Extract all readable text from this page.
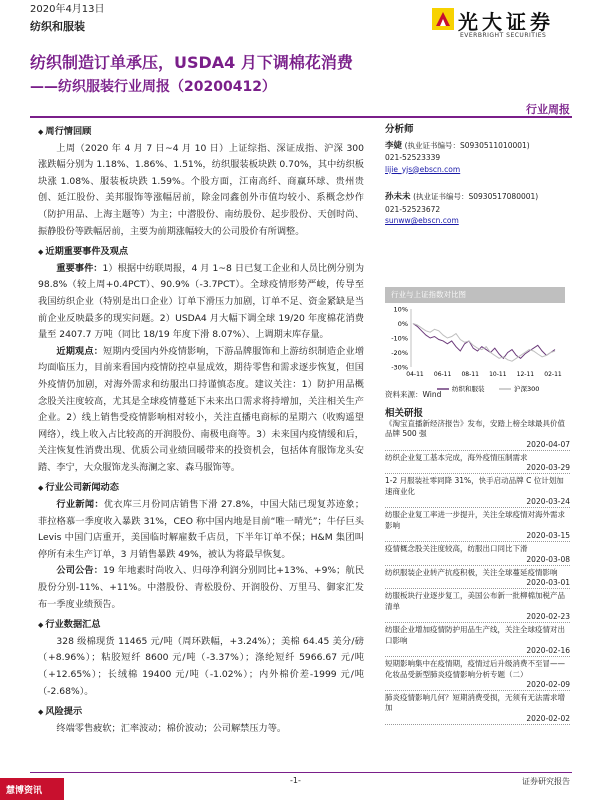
2020年4月13日
纺织和服装	光大证券
EVERBRIGHT SECURITIES
纺织制造订单承压，USDA4 月下调棉花消费
——纺织服装行业周报（20200412）
行业周报
◆ 周行情回顾
上周（2020 年 4 月 7 日~4 月 10 日）上证综指、深证成指、沪深 300 涨跌幅分别为 1.18%、1.86%、1.51%，纺织服装板块跌 0.70%，其中纺织板块涨 1.08%、服装板块跌 1.59%。个股方面，江南高纤、商赢环球、贵州贵创、延江股份、美邦服饰等涨幅居前，除金同鑫创外市值均较小、系概念炒作（防护用品、上海主题等）为主；中潜股份、南纺股份、起步股份、天创时尚、振静股份等跌幅居前，主要为前期涨幅较大的公司股价有所调整。
◆ 近期重要事件及观点
重要事件：1）根据中纺联周报，4 月 1~8 日已复工企业和人员比例分别为 98.8%（较上周+0.4PCT）、90.9%（-3.7PCT）。全球疫情形势严峻，传导至我国纺织企业（特别是出口企业）订单下滑压力加剧，订单不足、资金紧缺是当前企业反映最多的现实问题。2）USDA4 月大幅下调全球 19/20 年度棉花消费量至 2407.7 万吨（同比 18/19 年度下滑 8.07%）、上调期末库存量。
近期观点：短期内受国内外疫情影响，下游品牌服饰和上游纺织制造企业增均面临压力，目前来看国内疫情防控卓显成效，期待零售和需求逐步恢复，但国外疫情仍加剧，对海外需求和纺服出口持谨慎态度。建议关注：1）防护用品概念股关注度较高，尤其是全球疫情蔓延下未来出口需求将持增加，关注相关生产企业。2）线上销售受疫情影响相对较小，关注直播电商标的星期六（收购遥望网络），线上收入占比较高的开润股份、南极电商等。3）未来国内疫情缓和后，关注恢复性消费出现、优质公司业绩回暖带来的投资机会，包括体育服饰龙头安踏、李宁，大众服饰龙头海澜之家、森马服饰等。
◆ 行业公司新闻动态
行业新闻：优衣库三月份同店销售下滑 27.8%，中国大陆已现复苏迹象；菲拉格慕一季度收入暴跌 31%，CEO 称中国内地是目前“唯一晴光”；牛仔巨头 Levis 中国门店重开，美国临时解雇数千店员，下半年订单不保；H&M 集团叫停所有未生产订单，3 月销售暴跌 49%，被认为将最早恢复。
公司公告：19 年地素时尚收入、归母净利润分别同比+13%、+9%；航民股份分别-11%、+11%。中潜股份、青松股份、开润股份、万里马、御家汇发布一季度业绩预告。
◆ 行业数据汇总
328 级棉现货 11465 元/吨（周环跌幅，+3.24%）；美棉 64.45 美分/磅（+8.96%）；粘胶短纤 8600 元/吨（-3.37%）；涤纶短纤 5966.67 元/吨（+12.65%）；长绒棉 19400 元/吨（-1.02%）；内外棉价差-1999 元/吨（-2.68%）。
◆ 风险提示
终端零售疲软；汇率波动；棉价波动；公司解禁压力等。
分析师
李婕 (执业证书编号：S0930511010001)
021-52523339
lijie_yjs@ebscn.com
孙未未 (执业证书编号：S0930517080001)
021-52523672
sunww@ebscn.com
行业与上证指数对比图
10%
0%
-10%
-20%
-30%
04-11 06-11 08-11 10-11 12-11 02-11
纺织和服装	沪深300
资料来源：Wind
相关研报
《淘宝直播新经济报告》发布，安踏上榜全球最具价值品牌 500 强
2020-04-07
纺织企业复工基本完成，海外疫情压制需求
2020-03-29
1-2 月服装社零同降 31%，快手启动品牌 C 位计划加速商业化
2020-03-24
纺服企业复工率进一步提升，关注全球疫情对海外需求影响
2020-03-15
疫情概念股关注度较高，纺服出口同比下滑
2020-03-08
纺织服装企业转产抗疫积极，关注全球蔓延疫情影响
2020-03-01
纺服板块行业逐步复工，美国公布新一批柳棉加税产品清单
2020-02-23
纺服企业增加疫情防护用品生产线，关注全球疫情对出口影响
2020-02-16
短期影响集中在疫情期，疫情过后升级消费不至冒——化妆品受新型肺炎疫情影响分析专题（二）
2020-02-09
肺炎疫情影响几何？短期消费受损，无须有无法需求增加
2020-02-02
-1-	证券研究报告
慧博资讯
